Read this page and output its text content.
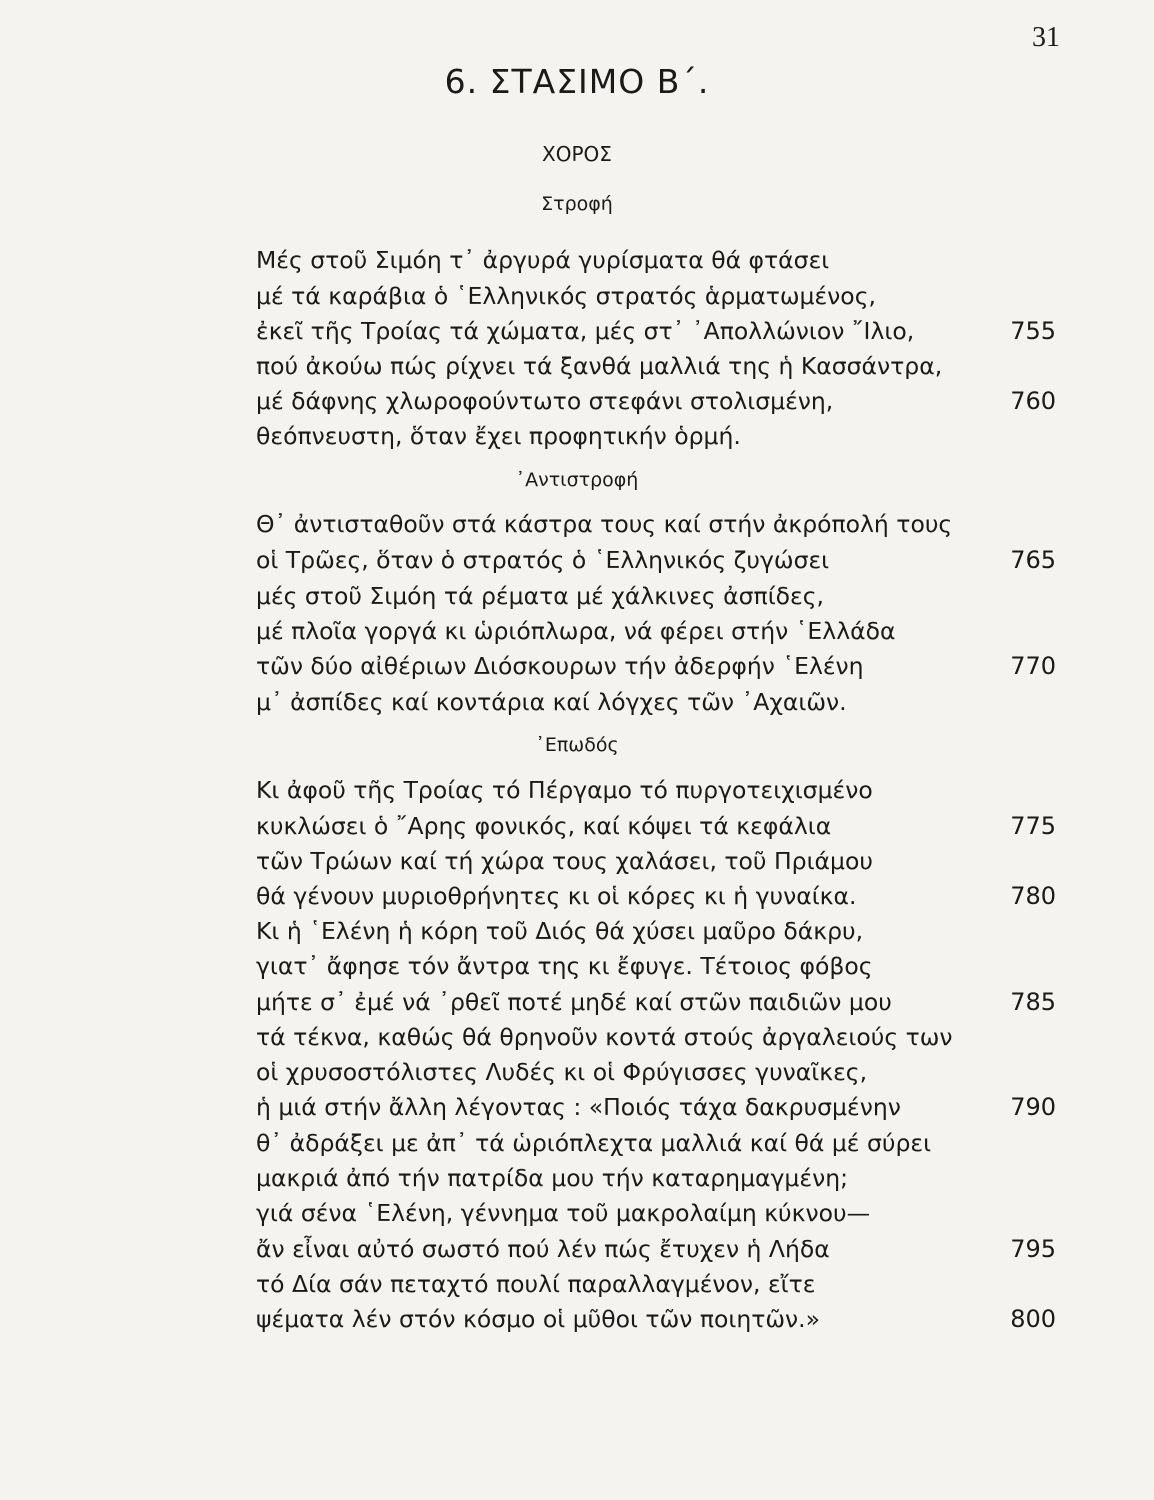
31
6. ΣΤΑΣΙΜΟ Β΄.
ΧΟΡΟΣ
Στροφή
Μές στοῦ Σιμόη τ᾿ ἀργυρά γυρίσματα θά φτάσει
μέ τά καράβια ὁ ῾Ελληνικός στρατός ἁρματωμένος,
ἐκεῖ τῆς Τροίας τά χώματα, μές στ᾿ ᾿Απολλώνιον ῎Ιλιο,	755
πού ἀκούω πώς ρίχνει τά ξανθά μαλλιά της ἡ Κασσάντρα,
μέ δάφνης χλωροφούντωτο στεφάνι στολισμένη,	760
θεόπνευστη, ὅταν ἔχει προφητικήν ὁρμή.
᾿Αντιστροφή
Θ᾿ ἀντισταθοῦν στά κάστρα τους καί στήν ἀκρόπολή τους
οἱ Τρῶες, ὅταν ὁ στρατός ὁ ῾Ελληνικός ζυγώσει	765
μές στοῦ Σιμόη τά ρέματα μέ χάλκινες ἀσπίδες,
μέ πλοῖα γοργά κι ὡριόπλωρα, νά φέρει στήν ῾Ελλάδα
τῶν δύο αἰθέριων Διόσκουρων τήν ἀδερφήν ῾Ελένη	770
μ᾿ ἀσπίδες καί κοντάρια καί λόγχες τῶν ᾿Αχαιῶν.
᾿Επωδός
Κι ἀφοῦ τῆς Τροίας τό Πέργαμο τό πυργοτειχισμένο
κυκλώσει ὁ ῎Αρης φονικός, καί κόψει τά κεφάλια	775
τῶν Τρώων καί τή χώρα τους χαλάσει, τοῦ Πριάμου
θά γένουν μυριοθρήνητες κι οἱ κόρες κι ἡ γυναίκα.	780
Κι ἡ ῾Ελένη ἡ κόρη τοῦ Διός θά χύσει μαῦρο δάκρυ,
γιατ᾿ ἄφησε τόν ἄντρα της κι ἔφυγε. Τέτοιος φόβος
μήτε σ᾿ ἐμέ νά ᾿ρθεῖ ποτέ μηδέ καί στῶν παιδιῶν μου	785
τά τέκνα, καθώς θά θρηνοῦν κοντά στούς ἀργαλειούς των
οἱ χρυσοστόλιστες Λυδές κι οἱ Φρύγισσες γυναῖκες,
ἡ μιά στήν ἄλλη λέγοντας : «Ποιός τάχα δακρυσμένην	790
θ᾿ ἀδράξει με ἀπ᾿ τά ὡριόπλεχτα μαλλιά καί θά μέ σύρει
μακριά ἀπό τήν πατρίδα μου τήν καταρημαγμένη;
γιά σένα ῾Ελένη, γέννημα τοῦ μακρολαίμη κύκνου—
ἄν εἶναι αὐτό σωστό πού λέν πώς ἔτυχεν ἡ Λήδα	795
τό Δία σάν πεταχτό πουλί παραλλαγμένον, εἴτε
ψέματα λέν στόν κόσμο οἱ μῦθοι τῶν ποιητῶν.»	800
